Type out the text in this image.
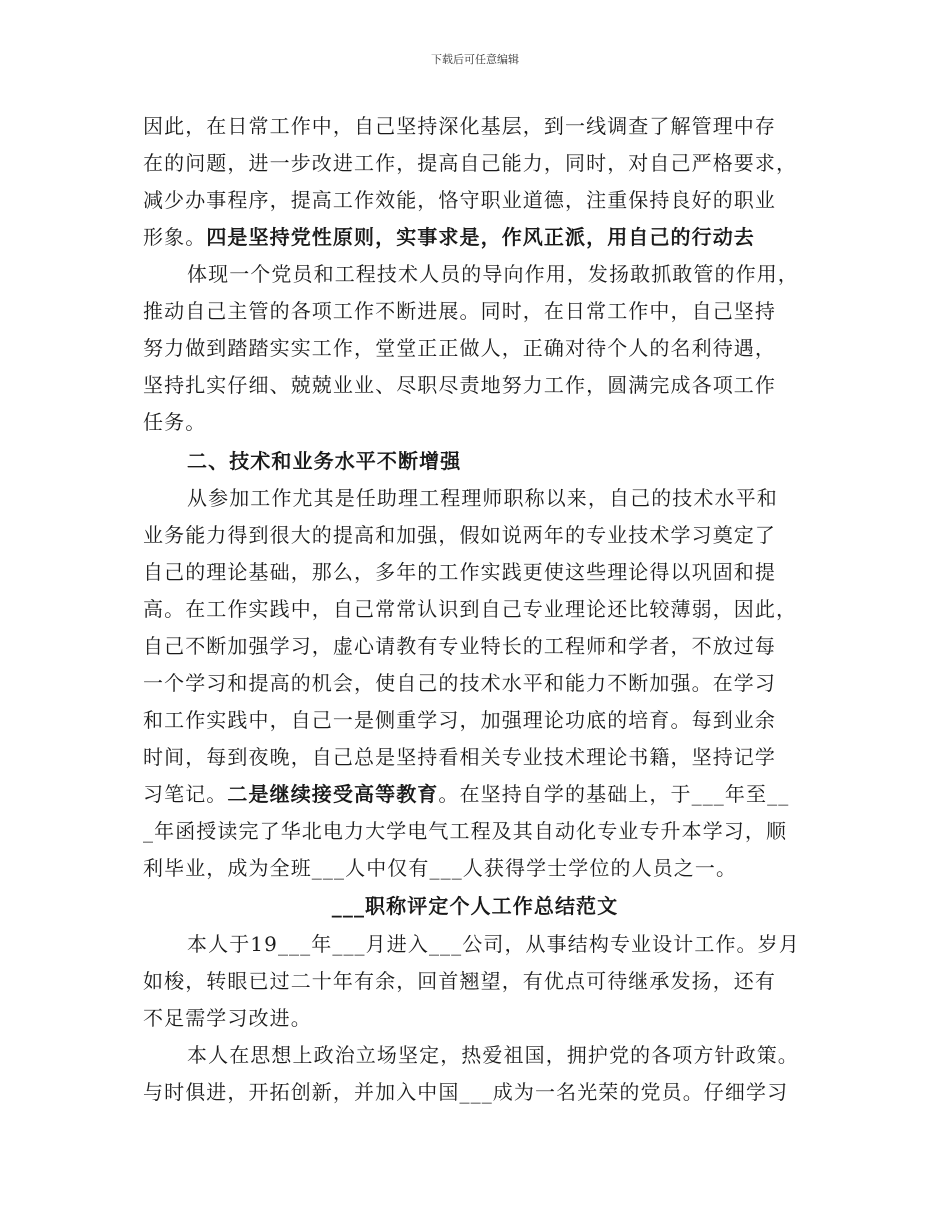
下载后可任意编辑
因此，在日常工作中，自己坚持深化基层，到一线调查了解管理中存
在的问题，进一步改进工作，提高自己能力，同时，对自己严格要求，
减少办事程序，提高工作效能，恪守职业道德，注重保持良好的职业
形象。四是坚持党性原则，实事求是，作风正派，用自己的行动去
体现一个党员和工程技术人员的导向作用，发扬敢抓敢管的作用，
推动自己主管的各项工作不断进展。同时，在日常工作中，自己坚持
努力做到踏踏实实工作，堂堂正正做人，正确对待个人的名利待遇，
坚持扎实仔细、兢兢业业、尽职尽责地努力工作，圆满完成各项工作
任务。
二、技术和业务水平不断增强
从参加工作尤其是任助理工程理师职称以来，自己的技术水平和
业务能力得到很大的提高和加强，假如说两年的专业技术学习奠定了
自己的理论基础，那么，多年的工作实践更使这些理论得以巩固和提
高。在工作实践中，自己常常认识到自己专业理论还比较薄弱，因此，
自己不断加强学习，虚心请教有专业特长的工程师和学者，不放过每
一个学习和提高的机会，使自己的技术水平和能力不断加强。在学习
和工作实践中，自己一是侧重学习，加强理论功底的培育。每到业余
时间，每到夜晚，自己总是坚持看相关专业技术理论书籍，坚持记学
习笔记。二是继续接受高等教育。在坚持自学的基础上，于___年至__
_年函授读完了华北电力大学电气工程及其自动化专业专升本学习，顺
利毕业，成为全班___人中仅有___人获得学士学位的人员之一。
___职称评定个人工作总结范文
本人于19___年___月进入___公司，从事结构专业设计工作。岁月
如梭，转眼已过二十年有余，回首翘望，有优点可待继承发扬，还有
不足需学习改进。
本人在思想上政治立场坚定，热爱祖国，拥护党的各项方针政策。
与时俱进，开拓创新，并加入中国___成为一名光荣的党员。仔细学习
